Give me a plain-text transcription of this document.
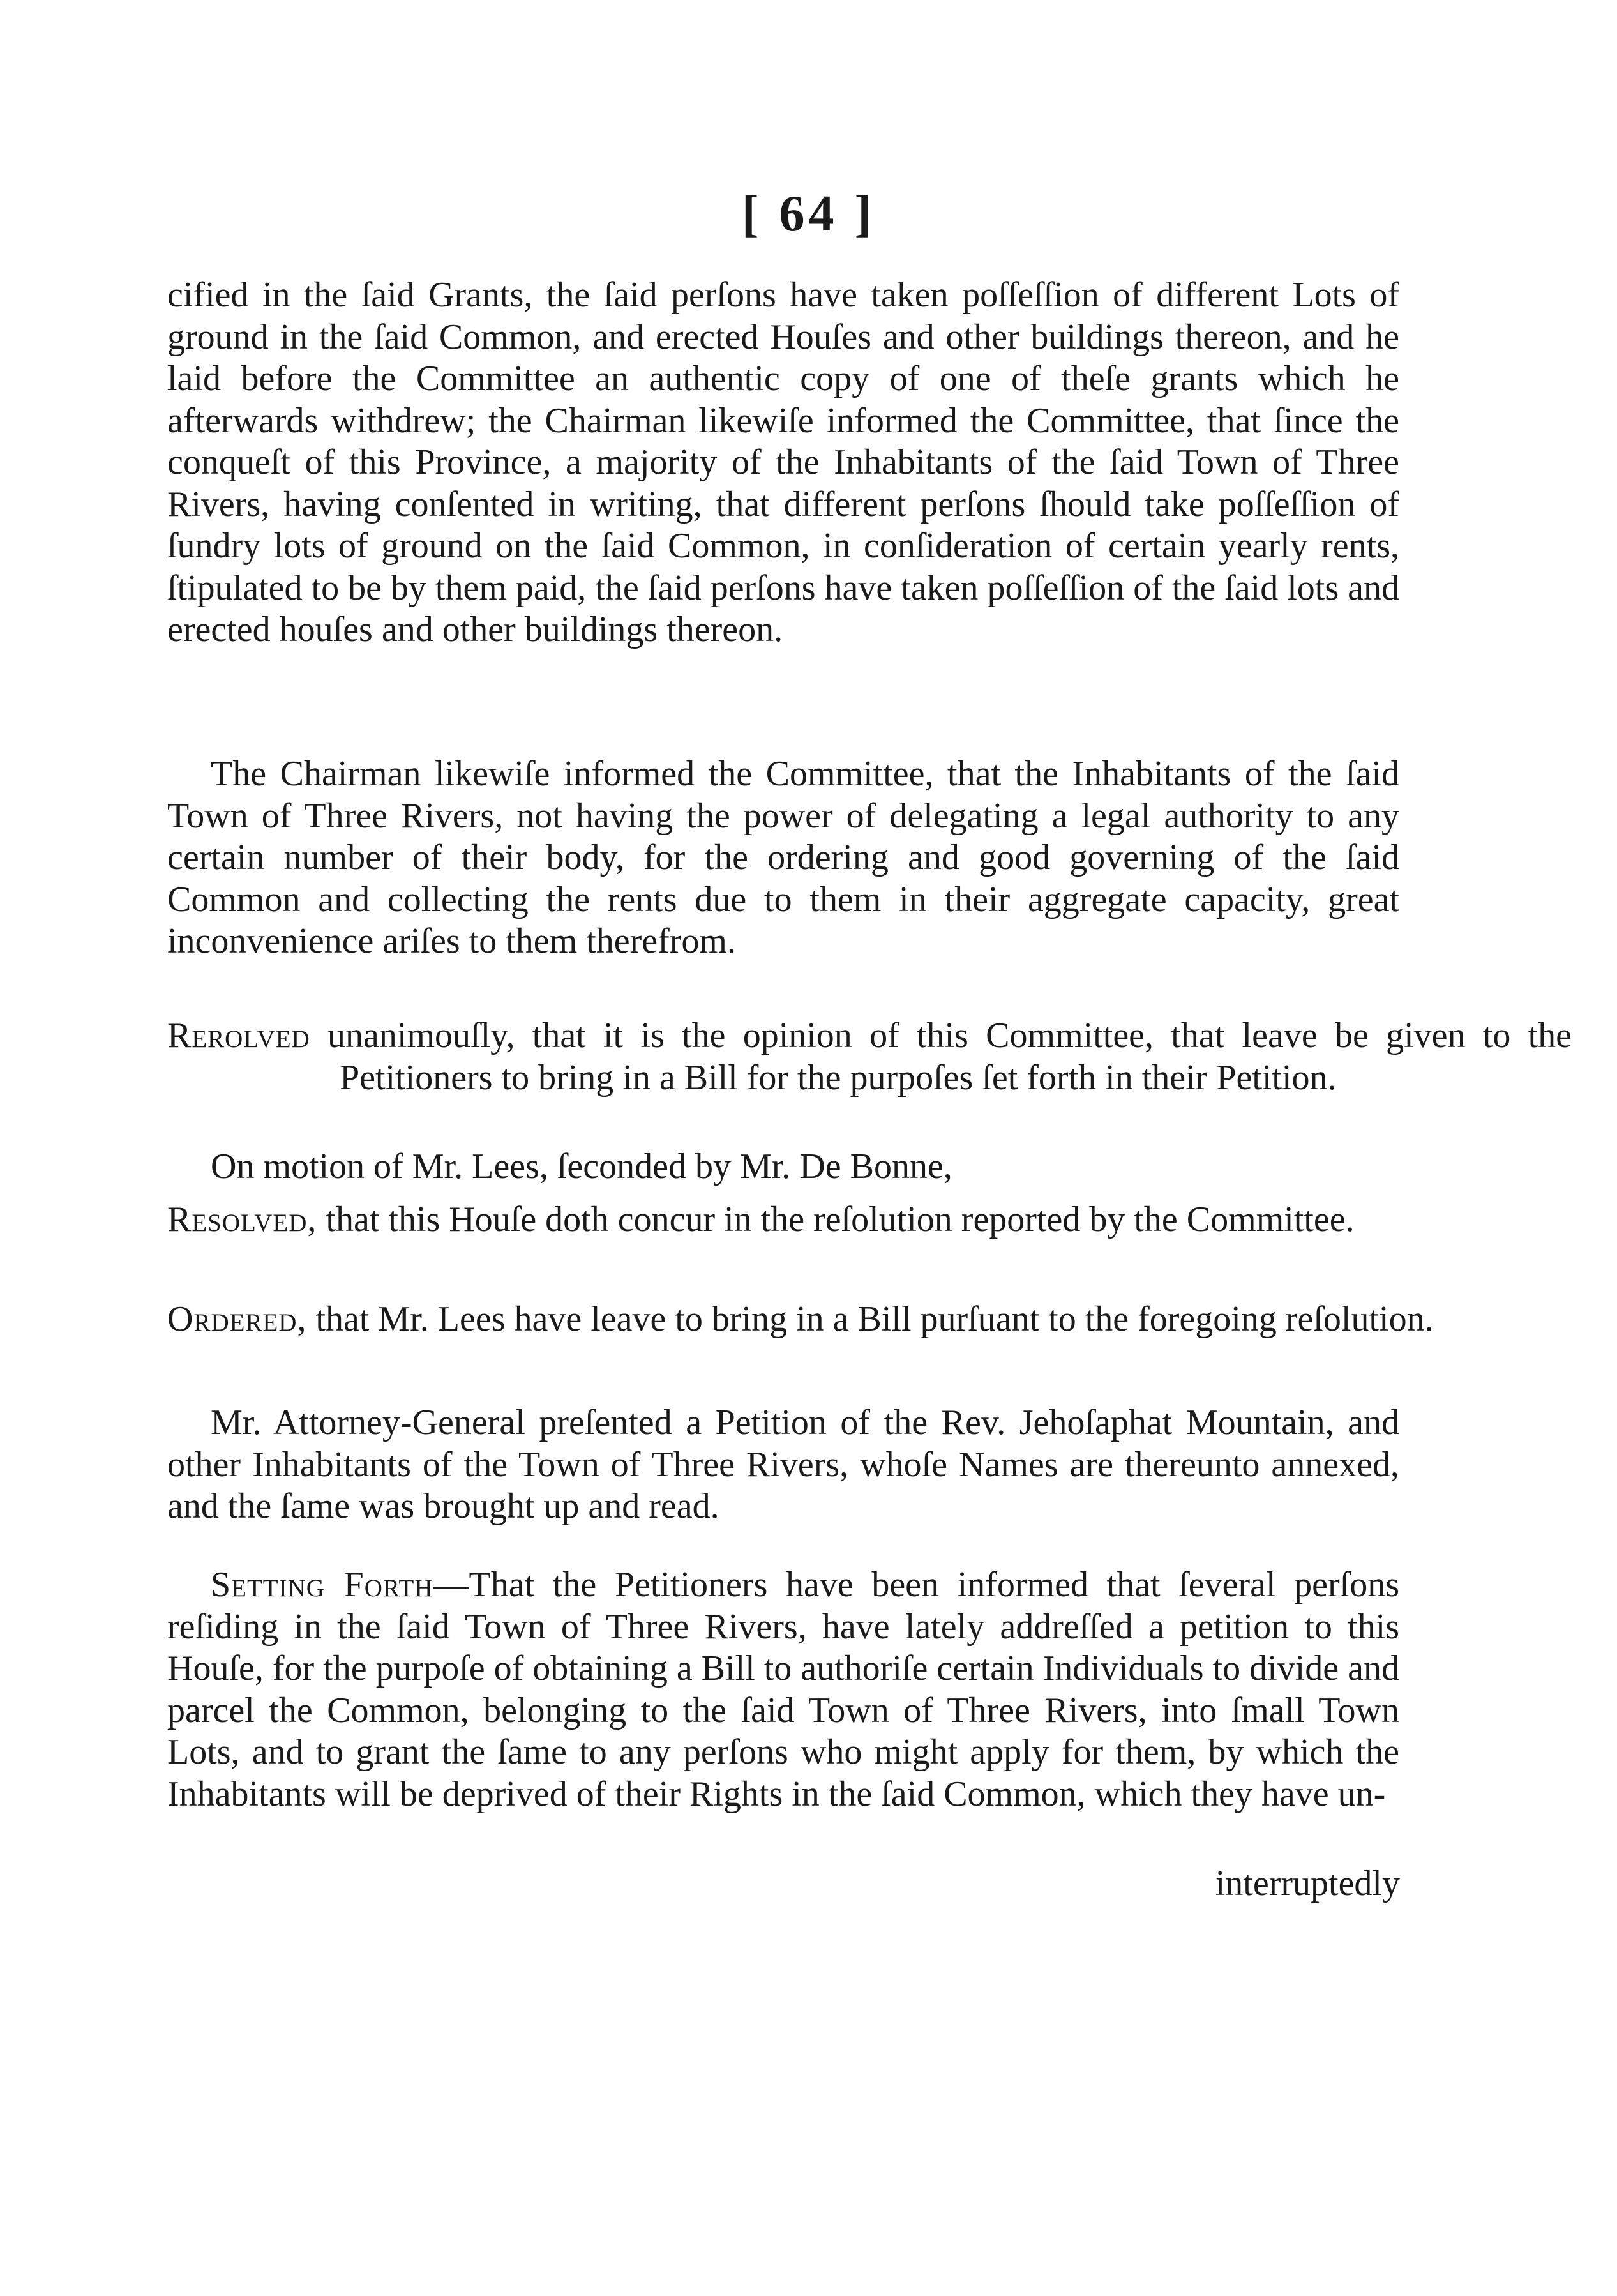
[ 64 ]

cified in the ſaid Grants, the ſaid perſons have taken poſſeſſion of different Lots of ground in the ſaid Common, and erected Houſes and other buildings thereon, and he laid before the Committee an authentic copy of one of theſe grants which he afterwards withdrew; the Chairman likewiſe informed the Committee, that ſince the conqueſt of this Province, a majority of the Inhabitants of the ſaid Town of Three Rivers, having conſented in writing, that different perſons ſhould take poſſeſſion of ſundry lots of ground on the ſaid Common, in conſideration of certain yearly rents, ſtipulated to be by them paid, the ſaid perſons have taken poſſeſſion of the ſaid lots and erected houſes and other buildings thereon.

The Chairman likewiſe informed the Committee, that the Inhabitants of the ſaid Town of Three Rivers, not having the power of delegating a legal authority to any certain number of their body, for the ordering and good governing of the ſaid Common and collecting the rents due to them in their aggregate capacity, great inconvenience ariſes to them therefrom.

Rerolved unanimouſly, that it is the opinion of this Committee, that leave be given to the Petitioners to bring in a Bill for the purpoſes ſet forth in their Petition.

On motion of Mr. Lees, ſeconded by Mr. De Bonne,

Resolved, that this Houſe doth concur in the reſolution reported by the Committee.

Ordered, that Mr. Lees have leave to bring in a Bill purſuant to the foregoing reſolution.

Mr. Attorney-General preſented a Petition of the Rev. Jehoſaphat Mountain, and other Inhabitants of the Town of Three Rivers, whoſe Names are thereunto annexed, and the ſame was brought up and read.

Setting Forth—That the Petitioners have been informed that ſeveral perſons reſiding in the ſaid Town of Three Rivers, have lately addreſſed a petition to this Houſe, for the purpoſe of obtaining a Bill to authoriſe certain Individuals to divide and parcel the Common, belonging to the ſaid Town of Three Rivers, into ſmall Town Lots, and to grant the ſame to any perſons who might apply for them, by which the Inhabitants will be deprived of their Rights in the ſaid Common, which they have un-

interruptedly
